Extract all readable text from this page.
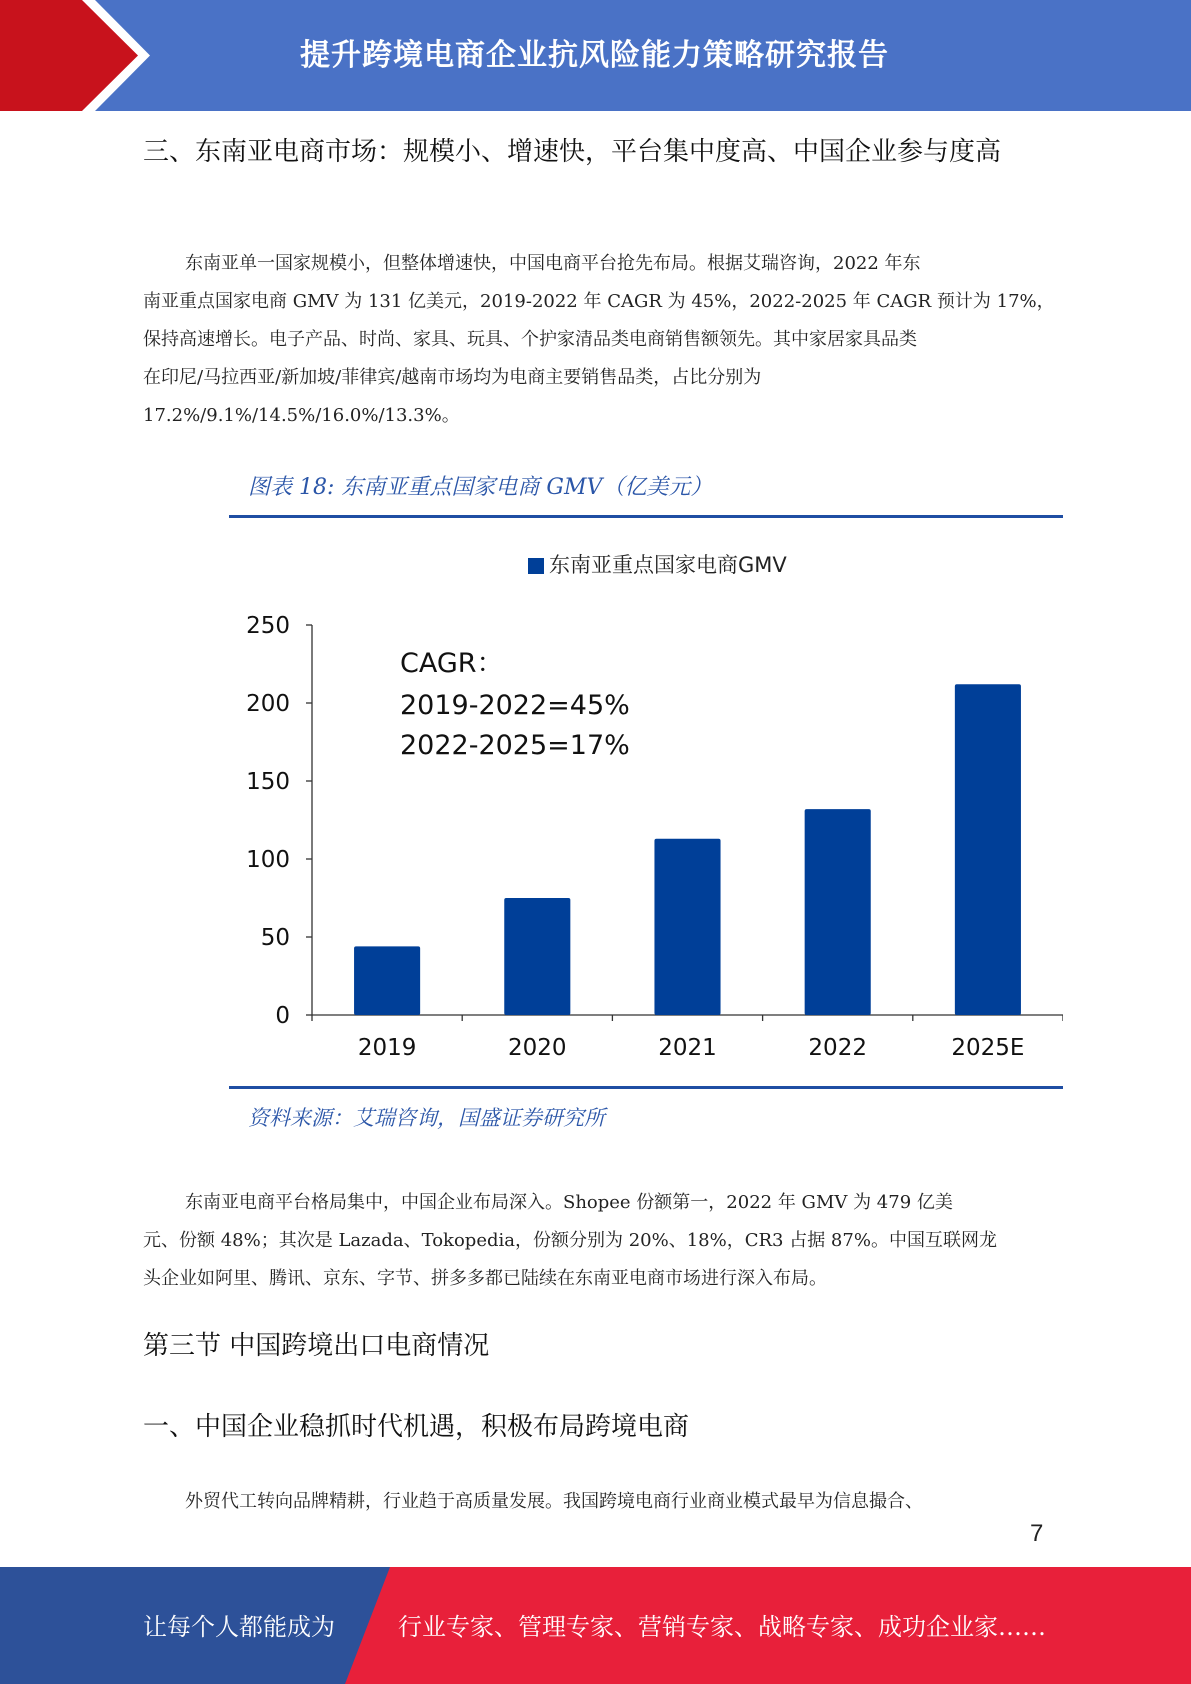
提升跨境电商企业抗风险能力策略研究报告
三、东南亚电商市场：规模小、增速快，平台集中度高、中国企业参与度高
东南亚单一国家规模小，但整体增速快，中国电商平台抢先布局。根据艾瑞咨询，2022 年东
南亚重点国家电商 GMV 为 131 亿美元，2019-2022 年 CAGR 为 45%，2022-2025 年 CAGR 预计为 17%，
保持高速增长。电子产品、时尚、家具、玩具、个护家清品类电商销售额领先。其中家居家具品类
在印尼/马拉西亚/新加坡/菲律宾/越南市场均为电商主要销售品类，占比分别为
17.2%/9.1%/14.5%/16.0%/13.3%。
图表 18: 东南亚重点国家电商 GMV（亿美元）
东南亚重点国家电商GMV
CAGR：
2019-2022=45%
2022-2025=17%
0
50
100
150
200
250
2019	2020	2021	2022	2025E
资料来源：艾瑞咨询，国盛证券研究所
东南亚电商平台格局集中，中国企业布局深入。Shopee 份额第一，2022 年 GMV 为 479 亿美
元、份额 48%；其次是 Lazada、Tokopedia，份额分别为 20%、18%，CR3 占据 87%。中国互联网龙
头企业如阿里、腾讯、京东、字节、拼多多都已陆续在东南亚电商市场进行深入布局。
第三节 中国跨境出口电商情况
一、中国企业稳抓时代机遇，积极布局跨境电商
外贸代工转向品牌精耕，行业趋于高质量发展。我国跨境电商行业商业模式最早为信息撮合、
7
让每个人都能成为	行业专家、管理专家、营销专家、战略专家、成功企业家……
